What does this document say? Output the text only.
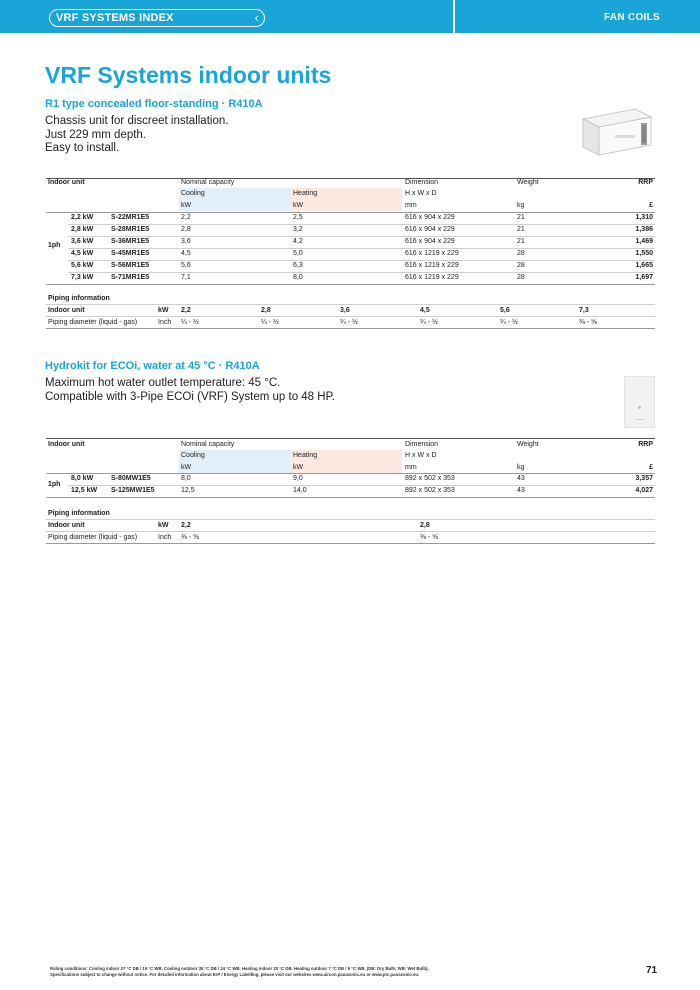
VRF SYSTEMS INDEX	‹	FAN COILS
VRF Systems indoor units
R1 type concealed floor-standing · R410A
Chassis unit for discreet installation.
Just 229 mm depth.
Easy to install.
Indoor unit	Nominal capacity	Dimension	Weight	RRP
Cooling	Heating	H x W x D
kW	kW	mm	kg	£
1ph
2,2 kW	S-22MR1E5	2,2	2,5	616 x 904 x 229	21	1,310
2,8 kW	S-28MR1E5	2,8	3,2	616 x 904 x 229	21	1,386
3,6 kW	S-36MR1E5	3,6	4,2	616 x 904 x 229	21	1,469
4,5 kW	S-45MR1E5	4,5	5,0	616 x 1219 x 229	28	1,550
5,6 kW	S-56MR1E5	5,6	6,3	616 x 1219 x 229	28	1,665
7,3 kW	S-71MR1E5	7,1	8,0	616 x 1219 x 229	28	1,697
Piping information
Indoor unit	kW 2,2	2,8	3,6	4,5	5,6	7,3
Piping diameter (liquid - gas)	Inch ¼ - ½	¼ - ½	¼ - ½	¼ - ½	¼ - ½	⅜ - ⅝
Hydrokit for ECOi, water at 45 °C · R410A
Maximum hot water outlet temperature: 45 °C.
Compatible with 3-Pipe ECOi (VRF) System up to 48 HP.
Indoor unit	Nominal capacity	Dimension	Weight	RRP
Cooling	Heating	H x W x D
kW	kW	mm	kg	£
1ph
8,0 kW	S-80MW1E5	8,0	9,0	892 x 502 x 353	43	3,357
12,5 kW S-125MW1E5	12,5	14,0	892 x 502 x 353	43	4,027
Piping information
Indoor unit	kW 2,2	2,8
Piping diameter (liquid - gas)	Inch ⅜ - ⅝	⅜ - ⅝
Rating conditions: Cooling indoor 27 °C DB / 19 °C WB. Cooling outdoor 35 °C DB / 24 °C WB. Heating indoor 20 °C DB. Heating outdoor 7 °C DB / 6 °C WB. (DB: Dry Bulb; WB: Wet Bulb).
Specifications subject to change without notice. For detailed information about ErP / Energy Labelling, please visit our websites www.aircon.panasonic.eu or www.ptc.panasonic.eu.	71
